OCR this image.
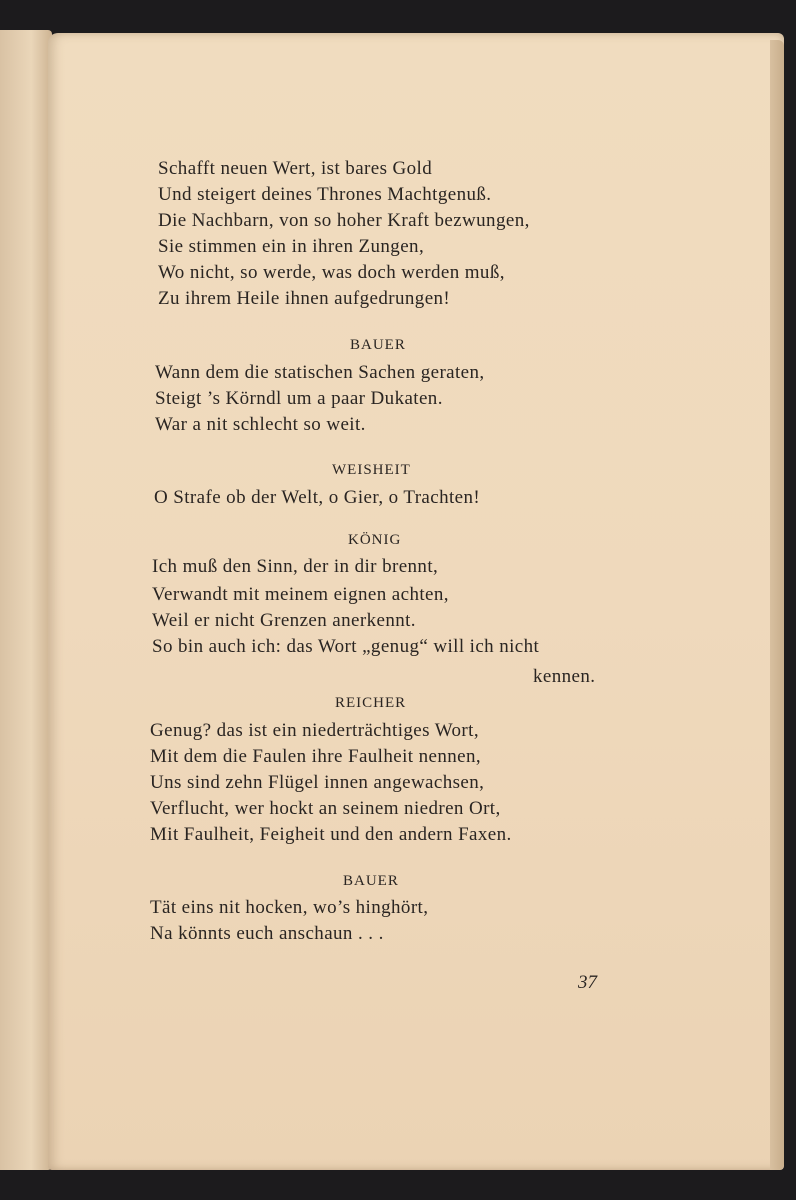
Schafft neuen Wert, ist bares Gold
Und steigert deines Thrones Machtgenuß.
Die Nachbarn, von so hoher Kraft bezwungen,
Sie stimmen ein in ihren Zungen,
Wo nicht, so werde, was doch werden muß,
Zu ihrem Heile ihnen aufgedrungen!
BAUER
Wann dem die statischen Sachen geraten,
Steigt ’s Körndl um a paar Dukaten.
War a nit schlecht so weit.
WEISHEIT
O Strafe ob der Welt, o Gier, o Trachten!
KÖNIG
Ich muß den Sinn, der in dir brennt,
Verwandt mit meinem eignen achten,
Weil er nicht Grenzen anerkennt.
So bin auch ich: das Wort „genug“ will ich nicht
kennen.
REICHER
Genug? das ist ein niederträchtiges Wort,
Mit dem die Faulen ihre Faulheit nennen,
Uns sind zehn Flügel innen angewachsen,
Verflucht, wer hockt an seinem niedren Ort,
Mit Faulheit, Feigheit und den andern Faxen.
BAUER
Tät eins nit hocken, wo’s hinghört,
Na könnts euch anschaun . . .
37
